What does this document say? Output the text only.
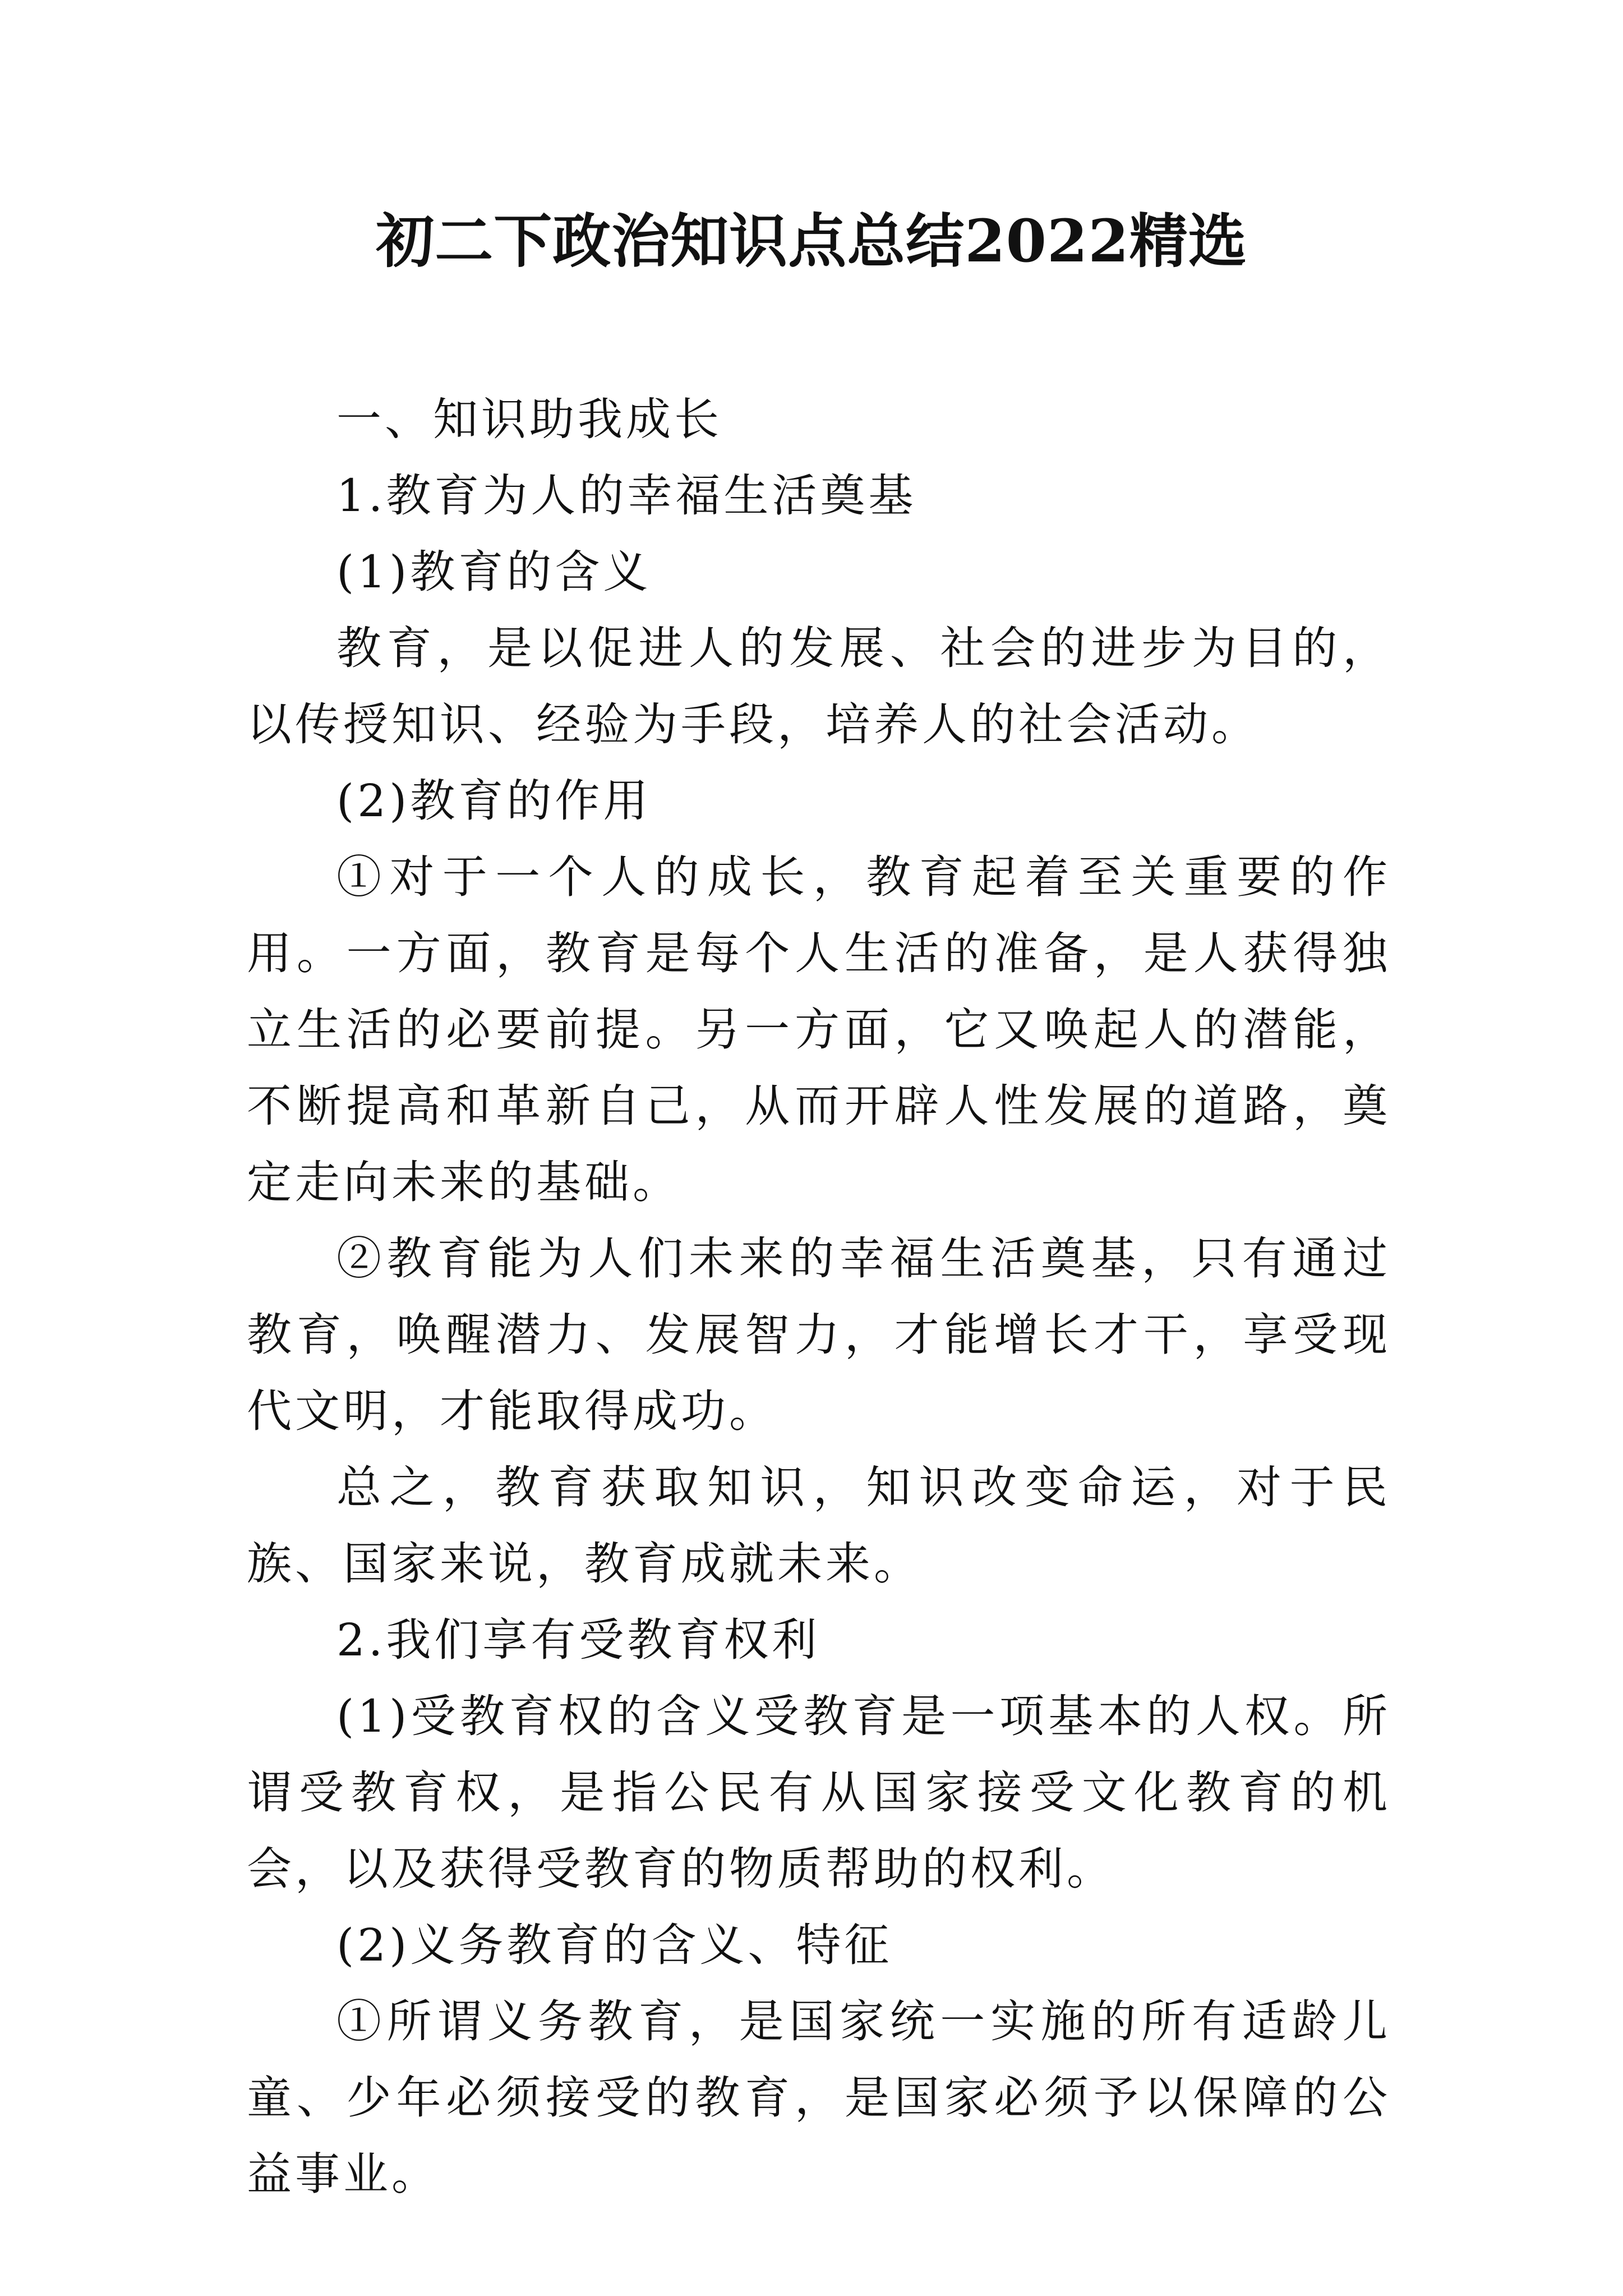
初二下政治知识点总结2022精选

一、知识助我成长

1.教育为人的幸福生活奠基

(1)教育的含义

教育，是以促进人的发展、社会的进步为目的，以传授知识、经验为手段，培养人的社会活动。

(2)教育的作用

①对于一个人的成长，教育起着至关重要的作用。一方面，教育是每个人生活的准备，是人获得独立生活的必要前提。另一方面，它又唤起人的潜能，不断提高和革新自己，从而开辟人性发展的道路，奠定走向未来的基础。

②教育能为人们未来的幸福生活奠基，只有通过教育，唤醒潜力、发展智力，才能增长才干，享受现代文明，才能取得成功。

总之，教育获取知识，知识改变命运，对于民族、国家来说，教育成就未来。

2.我们享有受教育权利

(1)受教育权的含义受教育是一项基本的人权。所谓受教育权，是指公民有从国家接受文化教育的机会，以及获得受教育的物质帮助的权利。

(2)义务教育的含义、特征

①所谓义务教育，是国家统一实施的所有适龄儿童、少年必须接受的教育，是国家必须予以保障的公益事业。
